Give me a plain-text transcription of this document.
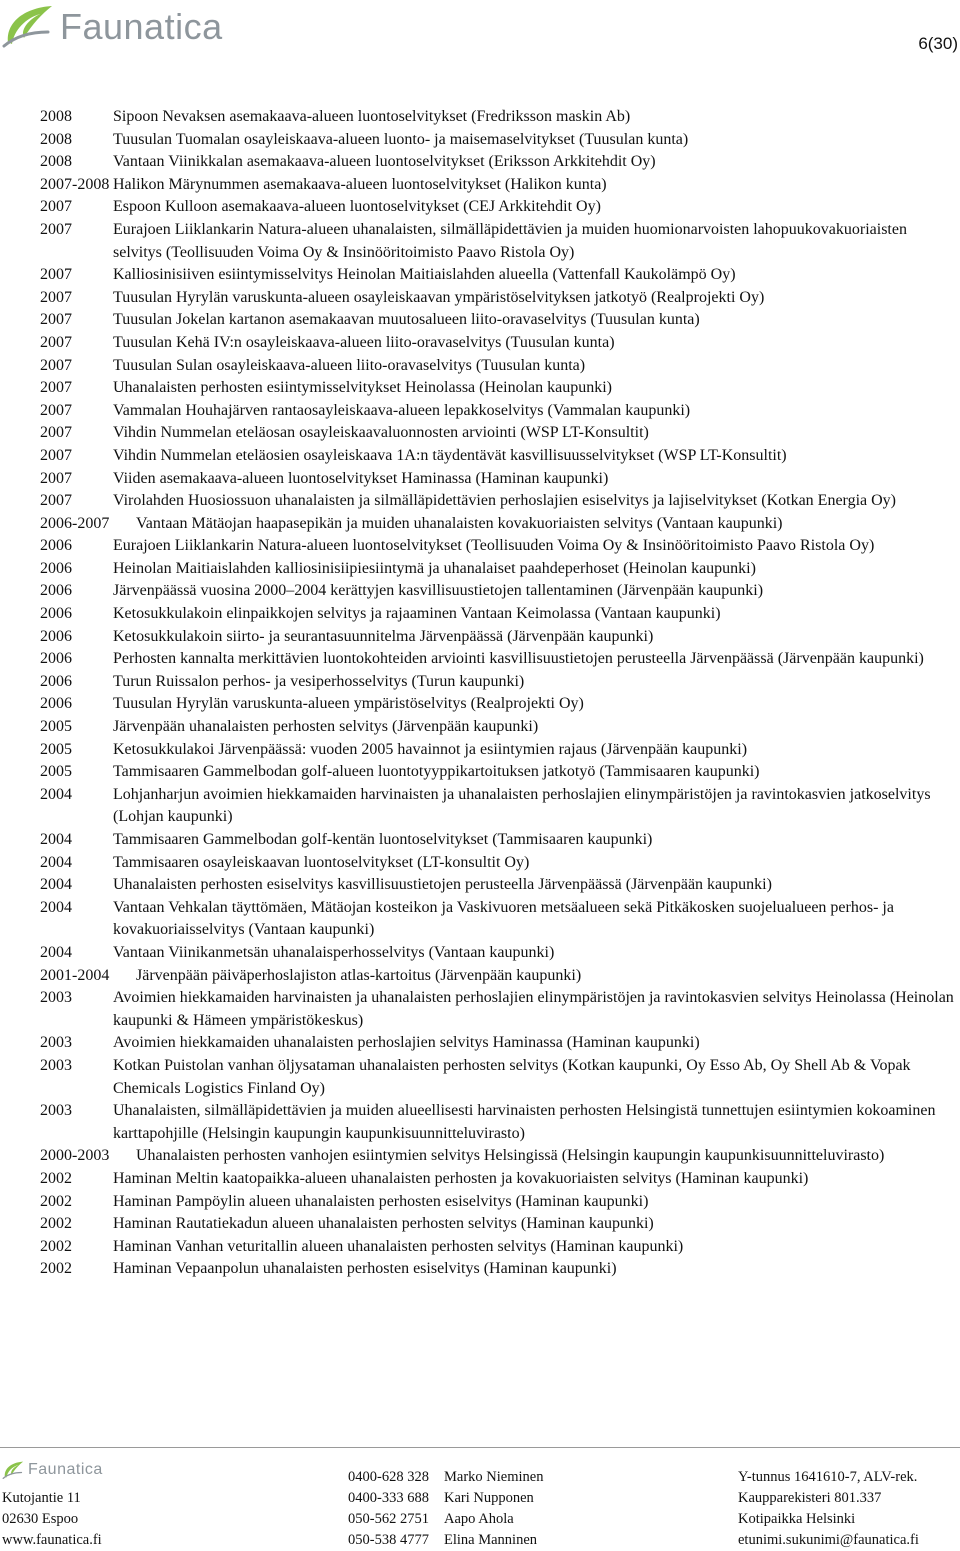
Faunatica	6(30)
2008	Sipoon Nevaksen asemakaava-alueen luontoselvitykset (Fredriksson maskin Ab)
2008	Tuusulan Tuomalan osayleiskaava-alueen luonto- ja maisemaselvitykset (Tuusulan kunta)
2008	Vantaan Viinikkalan asemakaava-alueen luontoselvitykset (Eriksson Arkkitehdit Oy)
2007-2008 Halikon Märynummen asemakaava-alueen luontoselvitykset (Halikon kunta)
2007	Espoon Kulloon asemakaava-alueen luontoselvitykset (CEJ Arkkitehdit Oy)
2007	Eurajoen Liiklankarin Natura-alueen uhanalaisten, silmälläpidettävien ja muiden huomionarvoisten lahopuukovakuoriaisten selvitys (Teollisuuden Voima Oy & Insinööritoimisto Paavo Ristola Oy)
2007	Kalliosinisiiven esiintymisselvitys Heinolan Maitiaislahden alueella (Vattenfall Kaukolämpö Oy)
2007	Tuusulan Hyrylän varuskunta-alueen osayleiskaavan ympäristöselvityksen jatkotyö (Realprojekti Oy)
2007	Tuusulan Jokelan kartanon asemakaavan muutosalueen liito-oravaselvitys (Tuusulan kunta)
2007	Tuusulan Kehä IV:n osayleiskaava-alueen liito-oravaselvitys (Tuusulan kunta)
2007	Tuusulan Sulan osayleiskaava-alueen liito-oravaselvitys (Tuusulan kunta)
2007	Uhanalaisten perhosten esiintymisselvitykset Heinolassa (Heinolan kaupunki)
2007	Vammalan Houhajärven rantaosayleiskaava-alueen lepakkoselvitys (Vammalan kaupunki)
2007	Vihdin Nummelan eteläosan osayleiskaavaluonnosten arviointi (WSP LT-Konsultit)
2007	Vihdin Nummelan eteläosien osayleiskaava 1A:n täydentävät kasvillisuusselvitykset (WSP LT-Konsultit)
2007	Viiden asemakaava-alueen luontoselvitykset Haminassa (Haminan kaupunki)
2007	Virolahden Huosiossuon uhanalaisten ja silmälläpidettävien perhoslajien esiselvitys ja lajiselvitykset (Kotkan Energia Oy)
2006-2007	Vantaan Mätäojan haapasepikän ja muiden uhanalaisten kovakuoriaisten selvitys (Vantaan kaupunki)
2006	Eurajoen Liiklankarin Natura-alueen luontoselvitykset (Teollisuuden Voima Oy & Insinööritoimisto Paavo Ristola Oy)
2006	Heinolan Maitiaislahden kalliosinisiipiesiintymä ja uhanalaiset paahdeperhoset (Heinolan kaupunki)
2006	Järvenpäässä vuosina 2000–2004 kerättyjen kasvillisuustietojen tallentaminen (Järvenpään kaupunki)
2006	Ketosukkulakoin elinpaikkojen selvitys ja rajaaminen Vantaan Keimolassa (Vantaan kaupunki)
2006	Ketosukkulakoin siirto- ja seurantasuunnitelma Järvenpäässä (Järvenpään kaupunki)
2006	Perhosten kannalta merkittävien luontokohteiden arviointi kasvillisuustietojen perusteella Järvenpäässä (Järvenpään kaupunki)
2006	Turun Ruissalon perhos- ja vesiperhosselvitys (Turun kaupunki)
2006	Tuusulan Hyrylän varuskunta-alueen ympäristöselvitys (Realprojekti Oy)
2005	Järvenpään uhanalaisten perhosten selvitys (Järvenpään kaupunki)
2005	Ketosukkulakoi Järvenpäässä: vuoden 2005 havainnot ja esiintymien rajaus (Järvenpään kaupunki)
2005	Tammisaaren Gammelbodan golf-alueen luontotyyppikartoituksen jatkotyö (Tammisaaren kaupunki)
2004	Lohjanharjun avoimien hiekkamaiden harvinaisten ja uhanalaisten perhoslajien elinympäristöjen ja ravintokasvien jatkoselvitys (Lohjan kaupunki)
2004	Tammisaaren Gammelbodan golf-kentän luontoselvitykset (Tammisaaren kaupunki)
2004	Tammisaaren osayleiskaavan luontoselvitykset (LT-konsultit Oy)
2004	Uhanalaisten perhosten esiselvitys kasvillisuustietojen perusteella Järvenpäässä (Järvenpään kaupunki)
2004	Vantaan Vehkalan täyttömäen, Mätäojan kosteikon ja Vaskivuoren metsäalueen sekä Pitkäkosken suojelualueen perhos- ja kovakuoriaisselvitys (Vantaan kaupunki)
2004	Vantaan Viinikanmetsän uhanalaisperhosselvitys (Vantaan kaupunki)
2001-2004	Järvenpään päiväperhoslajiston atlas-kartoitus (Järvenpään kaupunki)
2003	Avoimien hiekkamaiden harvinaisten ja uhanalaisten perhoslajien elinympäristöjen ja ravintokasvien selvitys Heinolassa (Heinolan kaupunki & Hämeen ympäristökeskus)
2003	Avoimien hiekkamaiden uhanalaisten perhoslajien selvitys Haminassa (Haminan kaupunki)
2003	Kotkan Puistolan vanhan öljysataman uhanalaisten perhosten selvitys (Kotkan kaupunki, Oy Esso Ab, Oy Shell Ab & Vopak Chemicals Logistics Finland Oy)
2003	Uhanalaisten, silmälläpidettävien ja muiden alueellisesti harvinaisten perhosten Helsingistä tunnettujen esiintymien kokoaminen karttapohjille (Helsingin kaupungin kaupunkisuunnitteluvirasto)
2000-2003	Uhanalaisten perhosten vanhojen esiintymien selvitys Helsingissä (Helsingin kaupungin kaupunkisuunnitteluvirasto)
2002	Haminan Meltin kaatopaikka-alueen uhanalaisten perhosten ja kovakuoriaisten selvitys (Haminan kaupunki)
2002	Haminan Pampöylin alueen uhanalaisten perhosten esiselvitys (Haminan kaupunki)
2002	Haminan Rautatiekadun alueen uhanalaisten perhosten selvitys (Haminan kaupunki)
2002	Haminan Vanhan veturitallin alueen uhanalaisten perhosten selvitys (Haminan kaupunki)
2002	Haminan Vepaanpolun uhanalaisten perhosten esiselvitys (Haminan kaupunki)
Faunatica
Kutojantie 11
02630 Espoo
www.faunatica.fi
0400-628 328 Marko Nieminen
0400-333 688 Kari Nupponen
050-562 2751 Aapo Ahola
050-538 4777 Elina Manninen
Y-tunnus 1641610-7, ALV-rek.
Kaupparekisteri 801.337
Kotipaikka Helsinki
etunimi.sukunimi@faunatica.fi
